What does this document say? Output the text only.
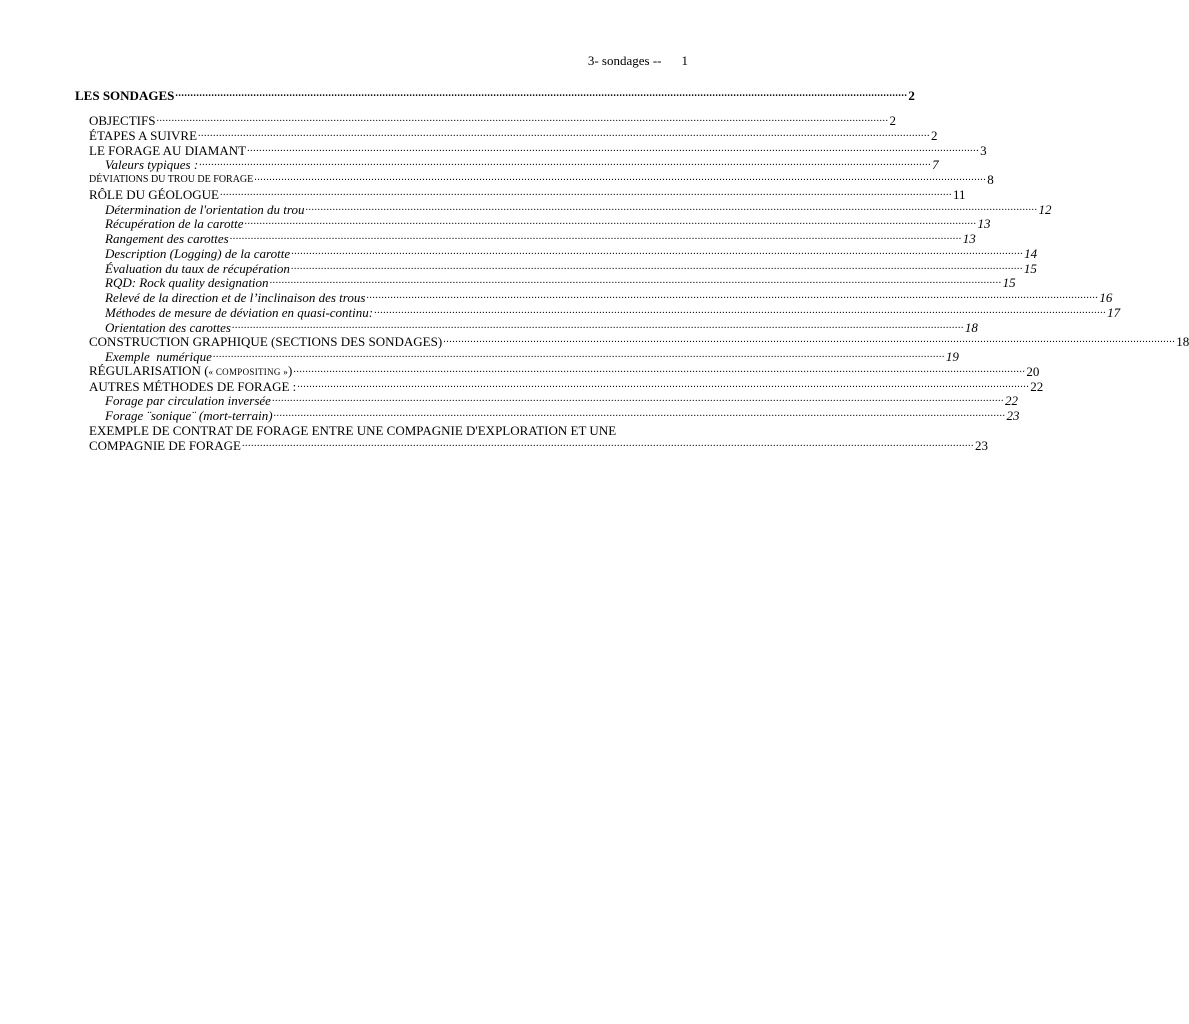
3- sondages -- 1
LES SONDAGES .................................................................................................................................................................................................................................................... 2
OBJECTIFS .................................................................................................................................................................................................................................................... 2
ÉTAPES A SUIVRE .................................................................................................................................................................................................................................................... 2
LE FORAGE AU DIAMANT .................................................................................................................................................................................................................................................... 3
Valeurs typiques : .................................................................................................................................................................................................................................................... 7
DÉVIATIONS DU TROU DE FORAGE .................................................................................................................................................................................................................................................... 8
RÔLE DU GÉOLOGUE .................................................................................................................................................................................................................................................... 11
Détermination de l'orientation du trou .................................................................................................................................................................................................................................................... 12
Récupération de la carotte .................................................................................................................................................................................................................................................... 13
Rangement des carottes .................................................................................................................................................................................................................................................... 13
Description (Logging) de la carotte .................................................................................................................................................................................................................................................... 14
Évaluation du taux de récupération .................................................................................................................................................................................................................................................... 15
RQD: Rock quality designation .................................................................................................................................................................................................................................................... 15
Relevé de la direction et de l’inclinaison des trous .................................................................................................................................................................................................................................................... 16
Méthodes de mesure de déviation en quasi-continu: .................................................................................................................................................................................................................................................... 17
Orientation des carottes .................................................................................................................................................................................................................................................... 18
CONSTRUCTION GRAPHIQUE (SECTIONS DES SONDAGES) .................................................................................................................................................................................................................................................... 18
Exemple  numérique .................................................................................................................................................................................................................................................... 19
RÉGULARISATION (« COMPOSITING ») .................................................................................................................................................................................................................................................... 20
AUTRES MÉTHODES DE FORAGE : .................................................................................................................................................................................................................................................... 22
Forage par circulation inversée .................................................................................................................................................................................................................................................... 22
Forage ¨sonique¨ (mort-terrain) .................................................................................................................................................................................................................................................... 23
EXEMPLE DE CONTRAT DE FORAGE ENTRE UNE COMPAGNIE D'EXPLORATION ET UNE
COMPAGNIE DE FORAGE .................................................................................................................................................................................................................................................... 23
